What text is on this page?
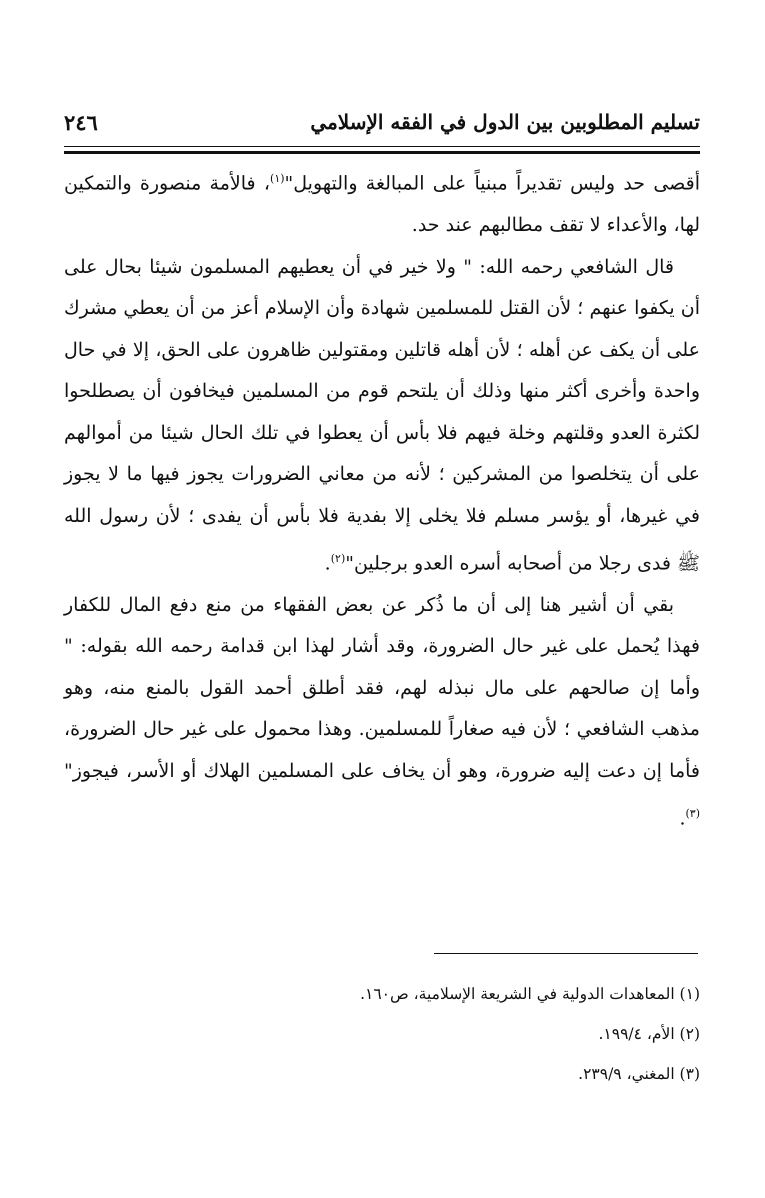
تسليم المطلوبين بين الدول في الفقه الإسلامي
٢٤٦

أقصى حد وليس تقديراً مبنياً على المبالغة والتهويل"$^{(١)}$، فالأمة منصورة والتمكين لها، والأعداء لا تقف مطالبهم عند حد.

قال الشافعي رحمه الله: " ولا خير في أن يعطيهم المسلمون شيئا بحال على أن يكفوا عنهم ؛ لأن القتل للمسلمين شهادة وأن الإسلام أعز من أن يعطي مشرك على أن يكف عن أهله ؛ لأن أهله قاتلين ومقتولين ظاهرون على الحق، إلا في حال واحدة وأخرى أكثر منها وذلك أن يلتحم قوم من المسلمين فيخافون أن يصطلحوا لكثرة العدو وقلتهم وخلة فيهم فلا بأس أن يعطوا في تلك الحال شيئا من أموالهم على أن يتخلصوا من المشركين ؛ لأنه من معاني الضرورات يجوز فيها ما لا يجوز في غيرها، أو يؤسر مسلم فلا يخلى إلا بفدية فلا بأس أن يفدى ؛ لأن رسول الله ﷺ فدى رجلا من أصحابه أسره العدو برجلين"$^{(٢)}$.

بقي أن أشير هنا إلى أن ما ذُكر عن بعض الفقهاء من منع دفع المال للكفار فهذا يُحمل على غير حال الضرورة، وقد أشار لهذا ابن قدامة رحمه الله بقوله: " وأما إن صالحهم على مال نبذله لهم، فقد أطلق أحمد القول بالمنع منه، وهو مذهب الشافعي ؛ لأن فيه صغاراً للمسلمين. وهذا محمول على غير حال الضرورة، فأما إن دعت إليه ضرورة، وهو أن يخاف على المسلمين الهلاك أو الأسر، فيجوز"$^{(٣)}$.

(١) المعاهدات الدولية في الشريعة الإسلامية، ص١٦٠.

(٢) الأم، ١٩٩/٤.

(٣) المغني، ٢٣٩/٩.
